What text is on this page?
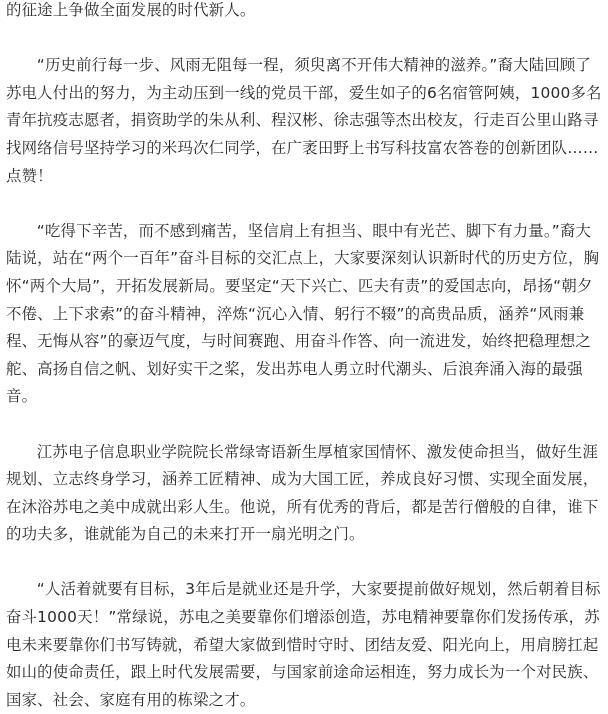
的征途上争做全面发展的时代新人。

“历史前行每一步、风雨无阻每一程，须臾离不开伟大精神的滋养。”裔大陆回顾了苏电人付出的努力，为主动压到一线的党员干部，爱生如子的6名宿管阿姨，1000多名青年抗疫志愿者，捐资助学的朱从利、程汉彬、徐志强等杰出校友，行走百公里山路寻找网络信号坚持学习的米玛次仁同学，在广袤田野上书写科技富农答卷的创新团队……点赞！

“吃得下辛苦，而不感到痛苦，坚信肩上有担当、眼中有光芒、脚下有力量。”裔大陆说，站在“两个一百年”奋斗目标的交汇点上，大家要深刻认识新时代的历史方位，胸怀“两个大局”，开拓发展新局。要坚定“天下兴亡、匹夫有责”的爱国志向，昂扬“朝夕不倦、上下求索”的奋斗精神，淬炼“沉心入情、躬行不辍”的高贵品质，涵养“风雨兼程、无悔从容”的豪迈气度，与时间赛跑、用奋斗作答、向一流进发，始终把稳理想之舵、高扬自信之帆、划好实干之桨，发出苏电人勇立时代潮头、后浪奔涌入海的最强音。

江苏电子信息职业学院院长常绿寄语新生厚植家国情怀、激发使命担当，做好生涯规划、立志终身学习，涵养工匠精神、成为大国工匠，养成良好习惯、实现全面发展，在沐浴苏电之美中成就出彩人生。他说，所有优秀的背后，都是苦行僧般的自律，谁下的功夫多，谁就能为自己的未来打开一扇光明之门。

“人活着就要有目标，3年后是就业还是升学，大家要提前做好规划，然后朝着目标奋斗1000天！”常绿说，苏电之美要靠你们增添创造，苏电精神要靠你们发扬传承，苏电未来要靠你们书写铸就，希望大家做到惜时守时、团结友爱、阳光向上，用肩膀扛起如山的使命责任，跟上时代发展需要，与国家前途命运相连，努力成长为一个对民族、国家、社会、家庭有用的栋梁之才。
